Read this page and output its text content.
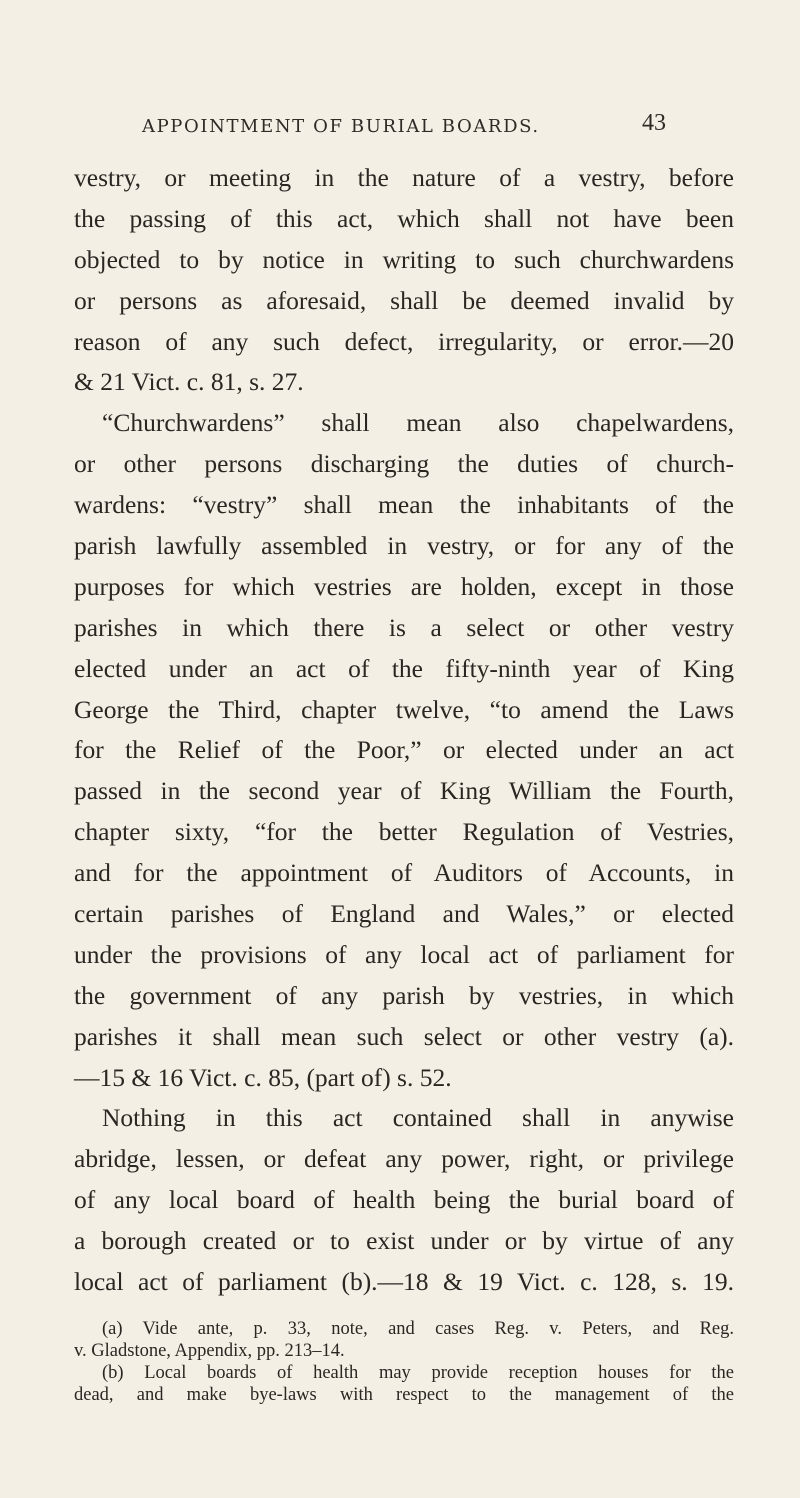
APPOINTMENT OF BURIAL BOARDS.	43
vestry, or meeting in the nature of a vestry, before
the passing of this act, which shall not have been
objected to by notice in writing to such churchwardens
or persons as aforesaid, shall be deemed invalid by
reason of any such defect, irregularity, or error.—20
& 21 Vict. c. 81, s. 27.
“Churchwardens” shall mean also chapelwardens,
or other persons discharging the duties of church-
wardens: “vestry” shall mean the inhabitants of the
parish lawfully assembled in vestry, or for any of the
purposes for which vestries are holden, except in those
parishes in which there is a select or other vestry
elected under an act of the fifty-ninth year of King
George the Third, chapter twelve, “to amend the Laws
for the Relief of the Poor,” or elected under an act
passed in the second year of King William the Fourth,
chapter sixty, “for the better Regulation of Vestries,
and for the appointment of Auditors of Accounts, in
certain parishes of England and Wales,” or elected
under the provisions of any local act of parliament for
the government of any parish by vestries, in which
parishes it shall mean such select or other vestry (a).
—15 & 16 Vict. c. 85, (part of) s. 52.
Nothing in this act contained shall in anywise
abridge, lessen, or defeat any power, right, or privilege
of any local board of health being the burial board of
a borough created or to exist under or by virtue of any
local act of parliament (b).—18 & 19 Vict. c. 128, s. 19.
(a) Vide ante, p. 33, note, and cases Reg. v. Peters, and Reg.
v. Gladstone, Appendix, pp. 213–14.
(b) Local boards of health may provide reception houses for the
dead, and make bye-laws with respect to the management of the
